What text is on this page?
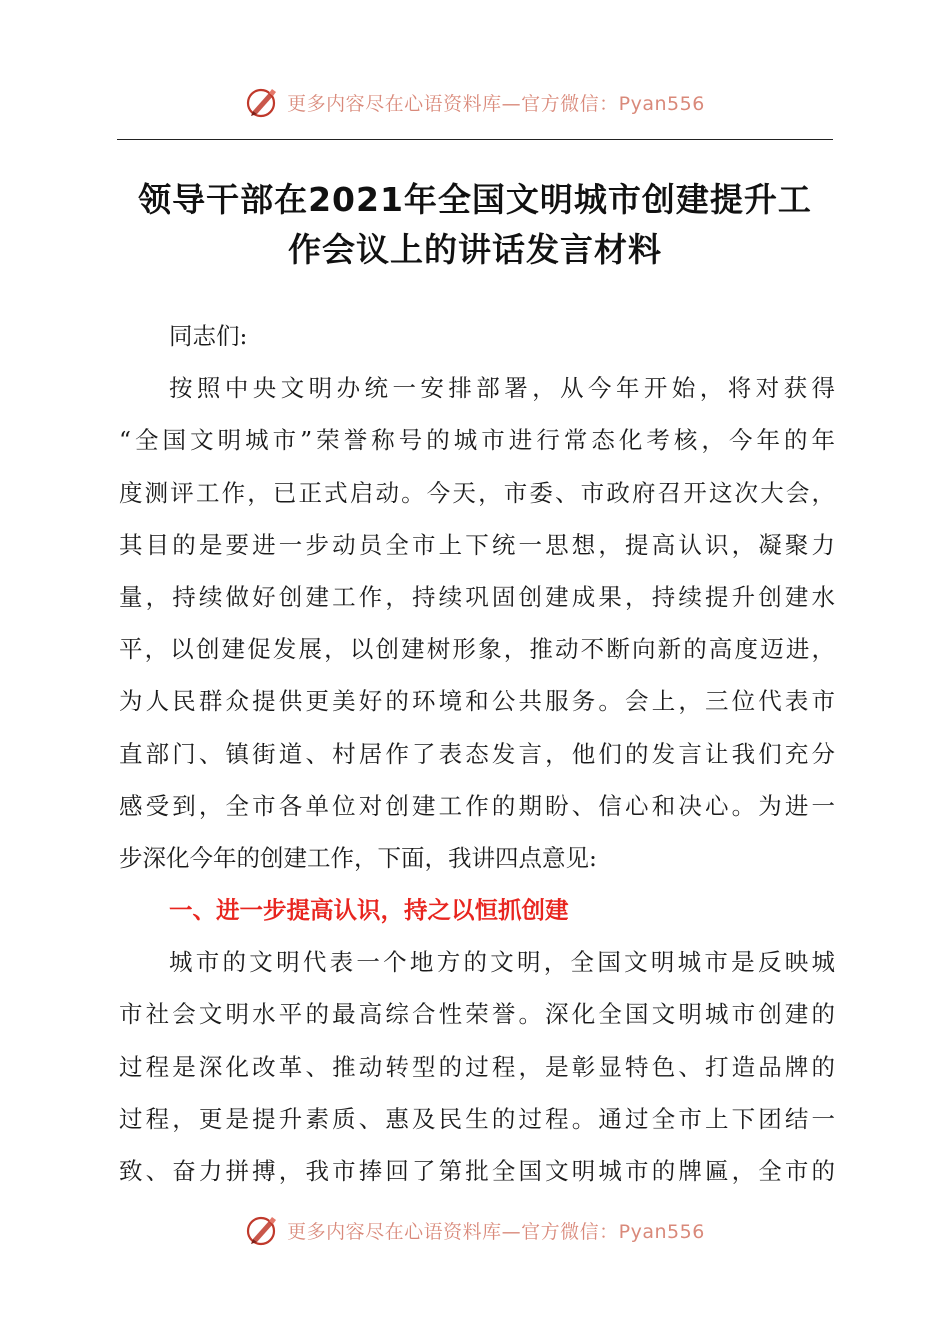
更多内容尽在心语资料库—官方微信：Pyan556
领导干部在2021年全国文明城市创建提升工
作会议上的讲话发言材料
同志们:
按照中央文明办统一安排部署，从今年开始，将对获得
“全国文明城市”荣誉称号的城市进行常态化考核，今年的年
度测评工作，已正式启动。今天，市委、市政府召开这次大会，
其目的是要进一步动员全市上下统一思想，提高认识，凝聚力
量，持续做好创建工作，持续巩固创建成果，持续提升创建水
平，以创建促发展，以创建树形象，推动不断向新的高度迈进，
为人民群众提供更美好的环境和公共服务。会上，三位代表市
直部门、镇街道、村居作了表态发言，他们的发言让我们充分
感受到，全市各单位对创建工作的期盼、信心和决心。为进一
步深化今年的创建工作，下面，我讲四点意见:
一、进一步提高认识，持之以恒抓创建
城市的文明代表一个地方的文明，全国文明城市是反映城
市社会文明水平的最高综合性荣誉。深化全国文明城市创建的
过程是深化改革、推动转型的过程，是彰显特色、打造品牌的
过程，更是提升素质、惠及民生的过程。通过全市上下团结一
致、奋力拼搏，我市捧回了第批全国文明城市的牌匾，全市的
更多内容尽在心语资料库—官方微信：Pyan556
